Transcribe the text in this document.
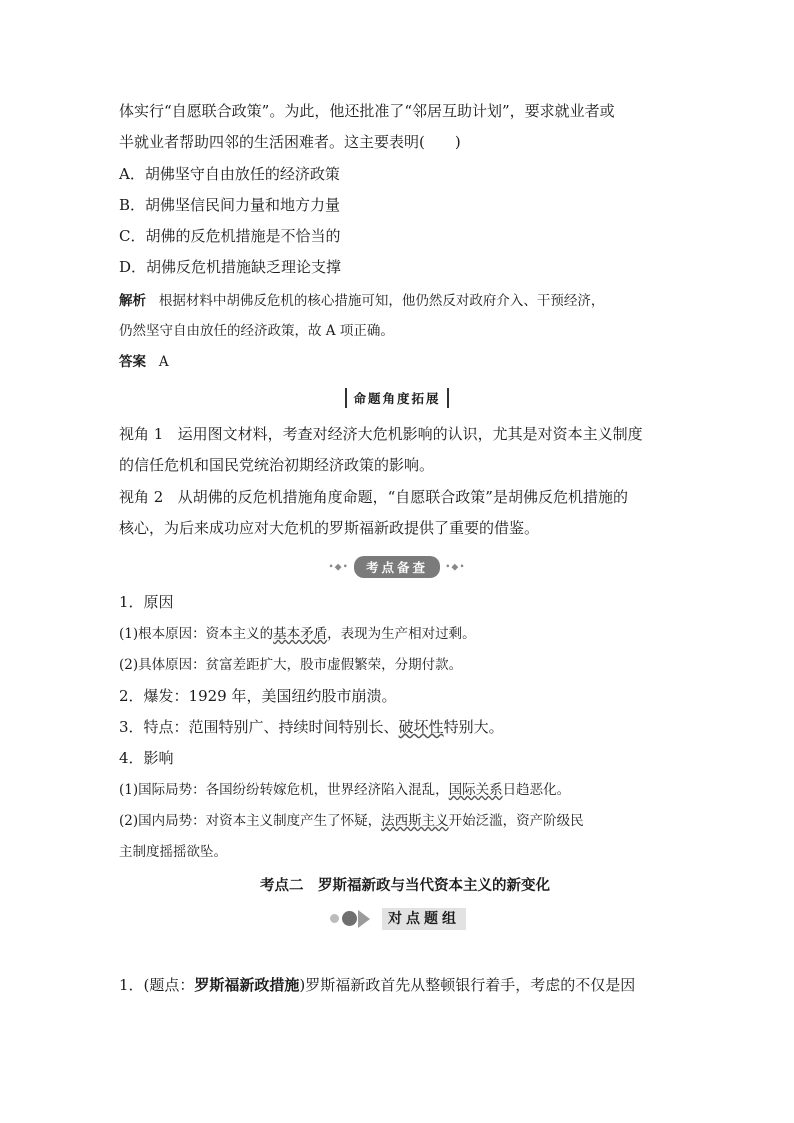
体实行“自愿联合政策”。为此，他还批准了“邻居互助计划”，要求就业者或
半就业者帮助四邻的生活困难者。这主要表明(　　)
A．胡佛坚守自由放任的经济政策
B．胡佛坚信民间力量和地方力量
C．胡佛的反危机措施是不恰当的
D．胡佛反危机措施缺乏理论支撑
解析 根据材料中胡佛反危机的核心措施可知，他仍然反对政府介入、干预经济，
仍然坚守自由放任的经济政策，故 A 项正确。
答案 A
命题角度拓展
视角 1 运用图文材料，考查对经济大危机影响的认识，尤其是对资本主义制度
的信任危机和国民党统治初期经济政策的影响。
视角 2 从胡佛的反危机措施角度命题，“自愿联合政策”是胡佛反危机措施的
核心，为后来成功应对大危机的罗斯福新政提供了重要的借鉴。
•◆• 考点备查 •◆•
1．原因
(1)根本原因：资本主义的基本矛盾，表现为生产相对过剩。
(2)具体原因：贫富差距扩大，股市虚假繁荣，分期付款。
2．爆发：1929 年，美国纽约股市崩溃。
3．特点：范围特别广、持续时间特别长、破坏性特别大。
4．影响
(1)国际局势：各国纷纷转嫁危机，世界经济陷入混乱，国际关系日趋恶化。
(2)国内局势：对资本主义制度产生了怀疑，法西斯主义开始泛滥，资产阶级民
主制度摇摇欲坠。
考点二　罗斯福新政与当代资本主义的新变化
对点题组
1．(题点：罗斯福新政措施)罗斯福新政首先从整顿银行着手，考虑的不仅是因
